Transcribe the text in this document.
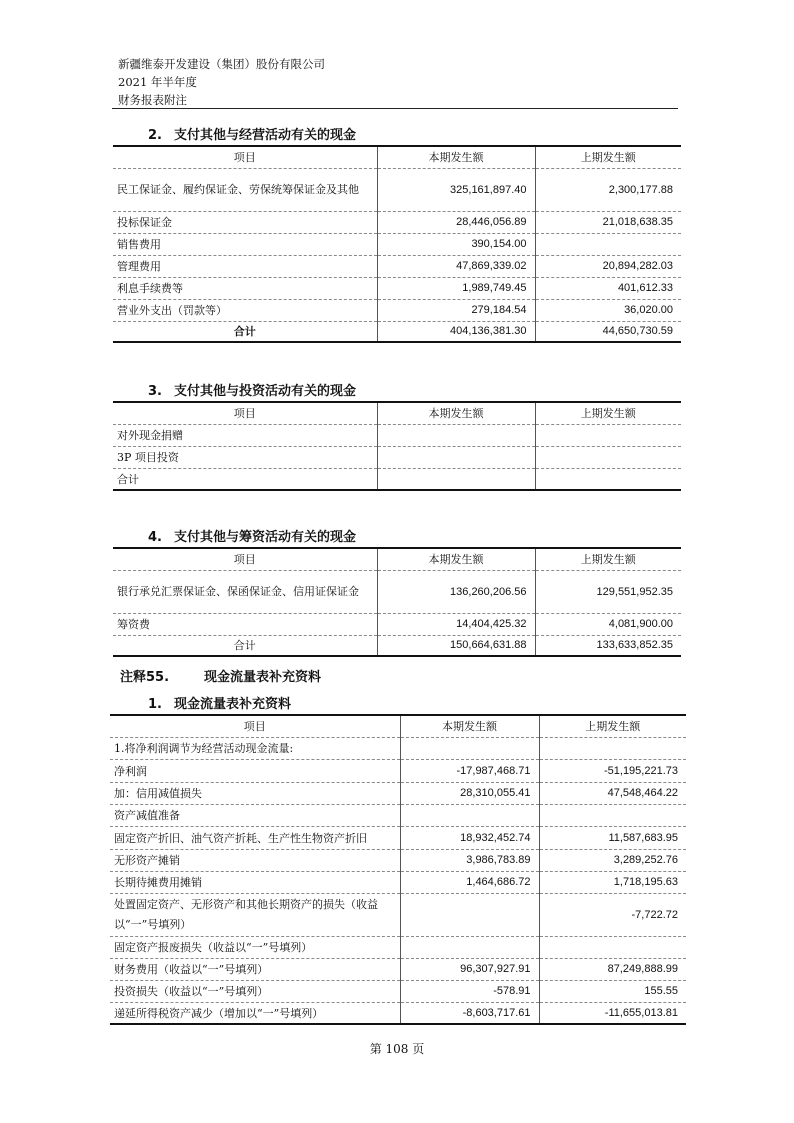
新疆维泰开发建设（集团）股份有限公司
2021 年半年度
财务报表附注
2. 支付其他与经营活动有关的现金
项目	本期发生额	上期发生额
民工保证金、履约保证金、劳保统筹保证金及其他	325,161,897.40	2,300,177.88
投标保证金	28,446,056.89	21,018,638.35
销售费用	390,154.00	
管理费用	47,869,339.02	20,894,282.03
利息手续费等	1,989,749.45	401,612.33
营业外支出（罚款等）	279,184.54	36,020.00
合计	404,136,381.30	44,650,730.59
3. 支付其他与投资活动有关的现金
项目	本期发生额	上期发生额
对外现金捐赠		
3P 项目投资		
合计		
4. 支付其他与筹资活动有关的现金
项目	本期发生额	上期发生额
银行承兑汇票保证金、保函保证金、信用证保证金	136,260,206.56	129,551,952.35
筹资费	14,404,425.32	4,081,900.00
合计	150,664,631.88	133,633,852.35
注释55.	现金流量表补充资料
1. 现金流量表补充资料
项目	本期发生额	上期发生额
1.将净利润调节为经营活动现金流量:		
净利润	-17,987,468.71	-51,195,221.73
加：信用减值损失	28,310,055.41	47,548,464.22
资产减值准备		
固定资产折旧、油气资产折耗、生产性生物资产折旧	18,932,452.74	11,587,683.95
无形资产摊销	3,986,783.89	3,289,252.76
长期待摊费用摊销	1,464,686.72	1,718,195.63
处置固定资产、无形资产和其他长期资产的损失（收益以“一”号填列）		-7,722.72
固定资产报废损失（收益以“一”号填列）		
财务费用（收益以“一”号填列）	96,307,927.91	87,249,888.99
投资损失（收益以“一”号填列）	-578.91	155.55
递延所得税资产减少（增加以“一”号填列）	-8,603,717.61	-11,655,013.81
第 108 页
